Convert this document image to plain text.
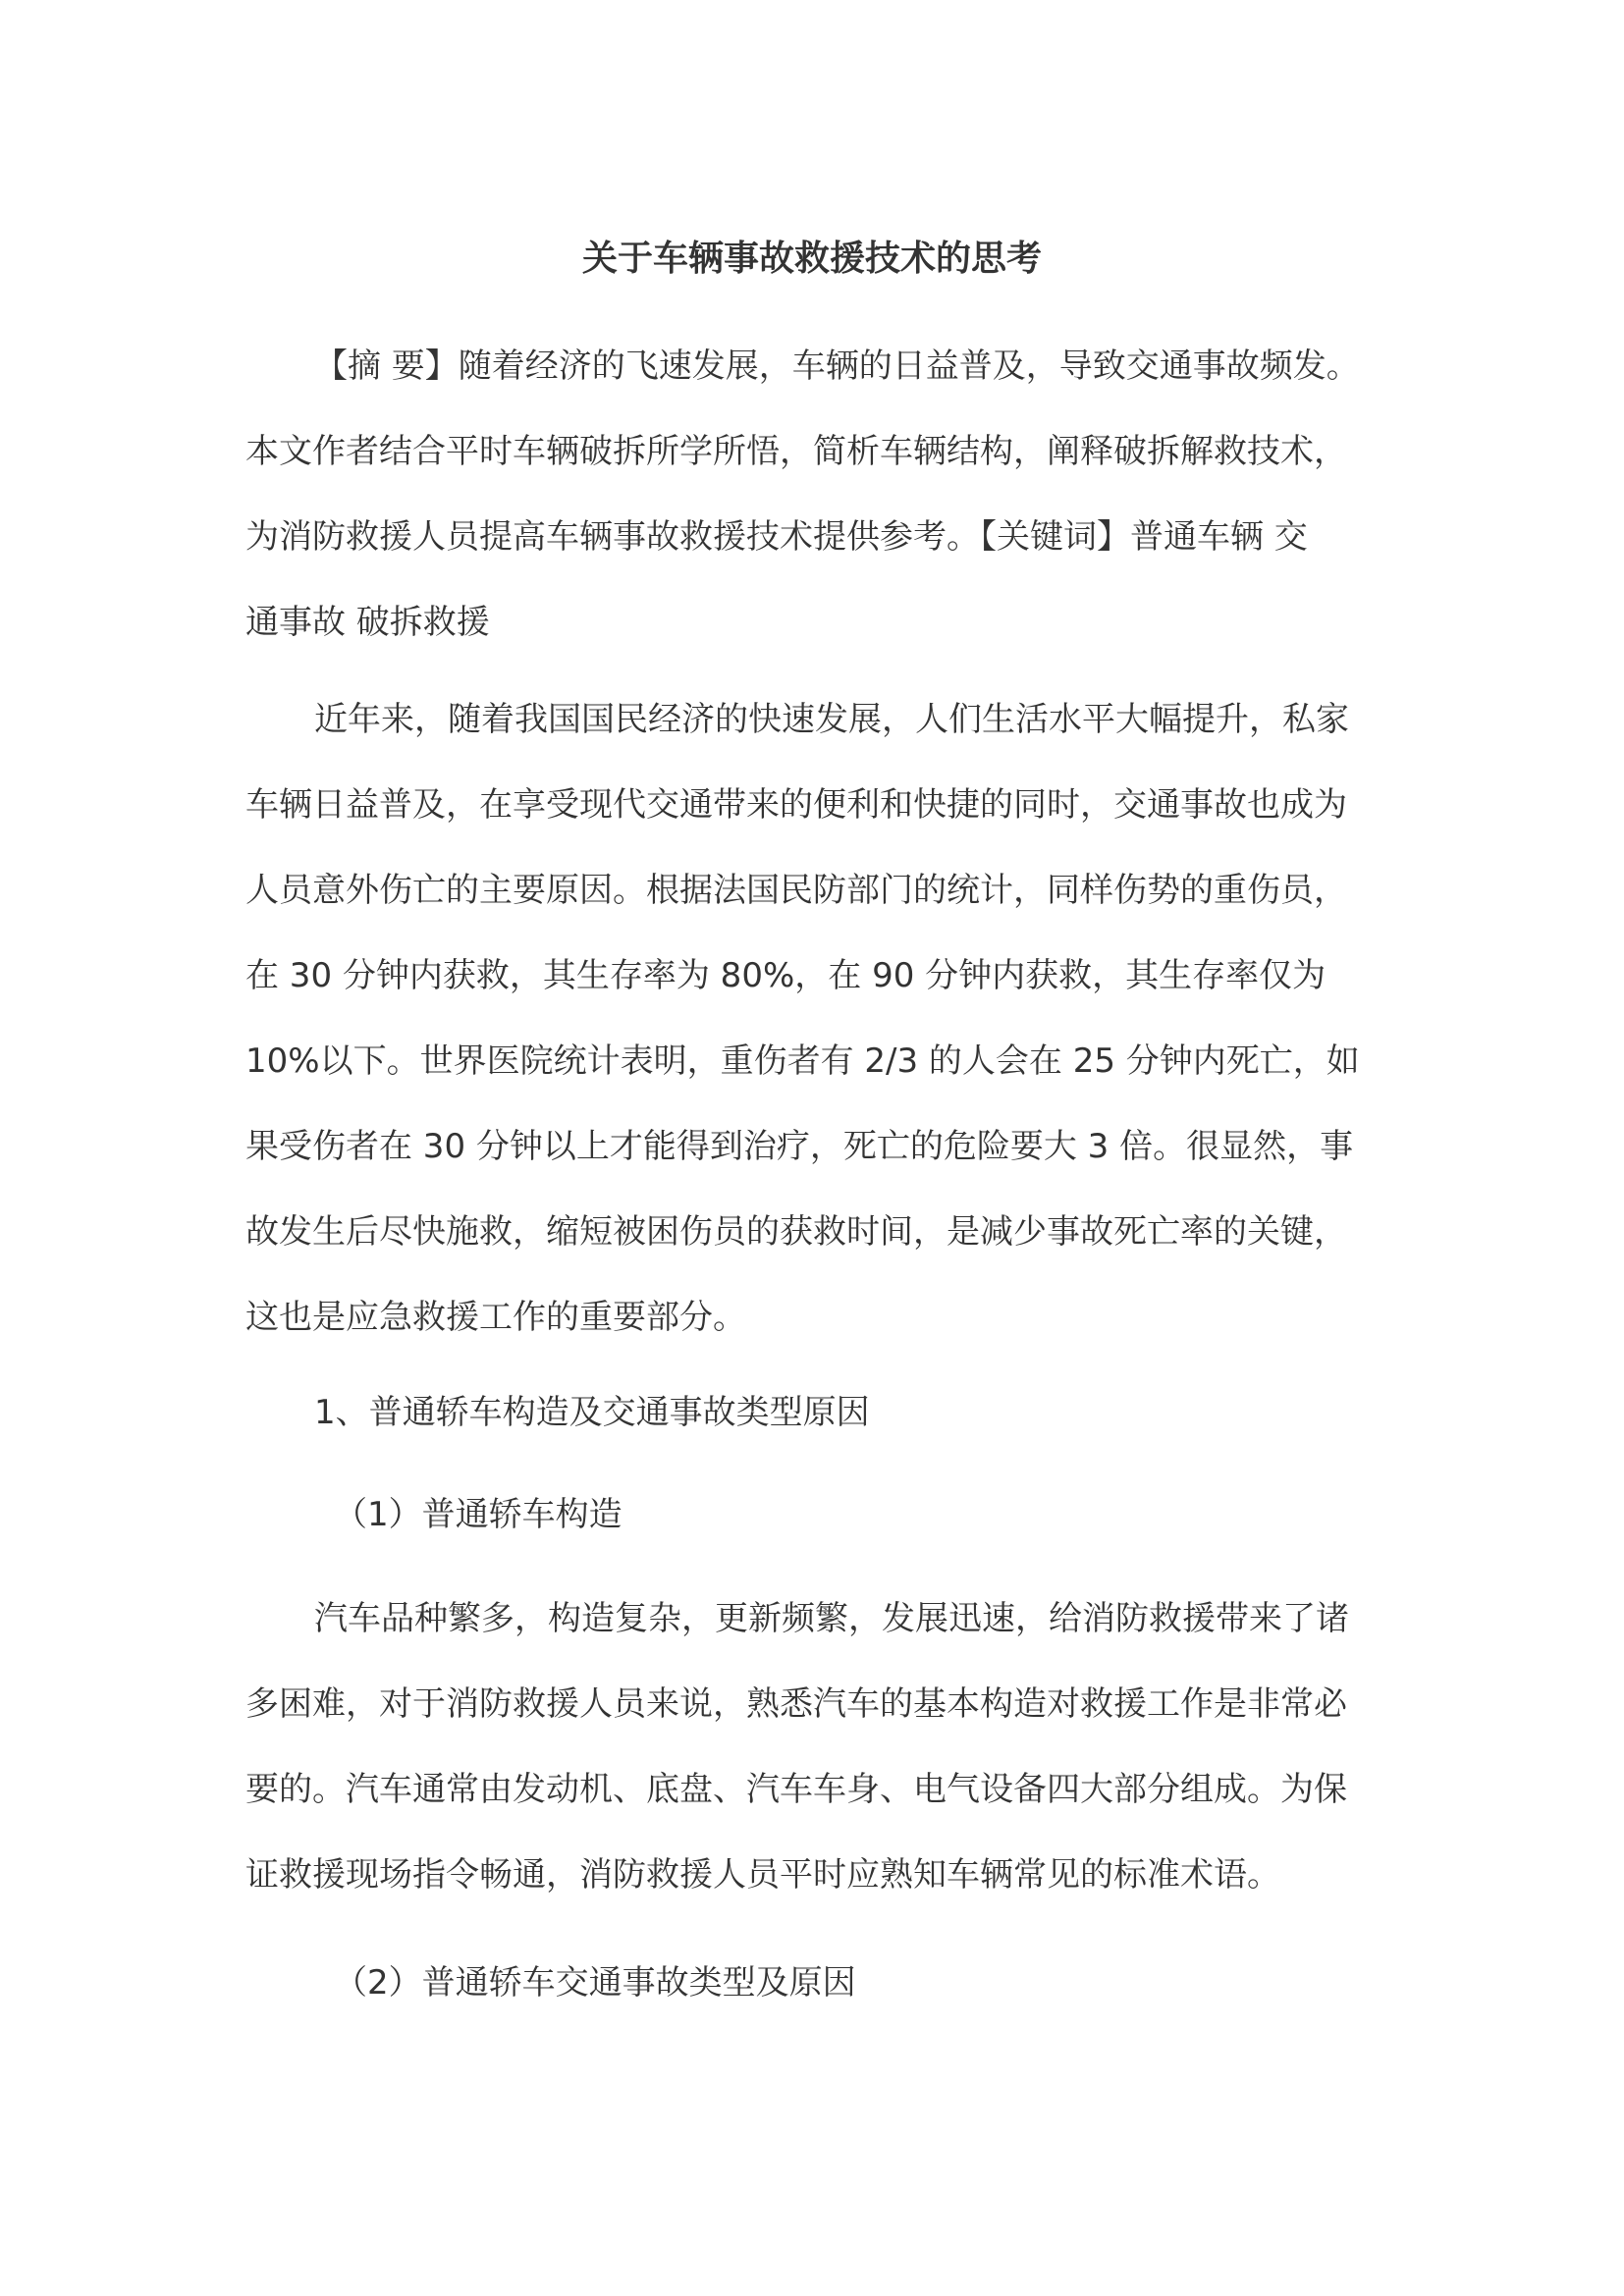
关于车辆事故救援技术的思考
【摘 要】随着经济的飞速发展，车辆的日益普及，导致交通事故频发。
本文作者结合平时车辆破拆所学所悟，简析车辆结构，阐释破拆解救技术，
为消防救援人员提高车辆事故救援技术提供参考。【关键词】普通车辆 交
通事故 破拆救援
近年来，随着我国国民经济的快速发展，人们生活水平大幅提升，私家
车辆日益普及，在享受现代交通带来的便利和快捷的同时，交通事故也成为
人员意外伤亡的主要原因。根据法国民防部门的统计，同样伤势的重伤员，
在 30 分钟内获救，其生存率为 80%，在 90 分钟内获救，其生存率仅为
10%以下。世界医院统计表明，重伤者有 2/3 的人会在 25 分钟内死亡，如
果受伤者在 30 分钟以上才能得到治疗，死亡的危险要大 3 倍。很显然，事
故发生后尽快施救，缩短被困伤员的获救时间，是减少事故死亡率的关键，
这也是应急救援工作的重要部分。
1、普通轿车构造及交通事故类型原因
（1）普通轿车构造
汽车品种繁多，构造复杂，更新频繁，发展迅速，给消防救援带来了诸
多困难，对于消防救援人员来说，熟悉汽车的基本构造对救援工作是非常必
要的。汽车通常由发动机、底盘、汽车车身、电气设备四大部分组成。为保
证救援现场指令畅通，消防救援人员平时应熟知车辆常见的标准术语。
（2）普通轿车交通事故类型及原因
